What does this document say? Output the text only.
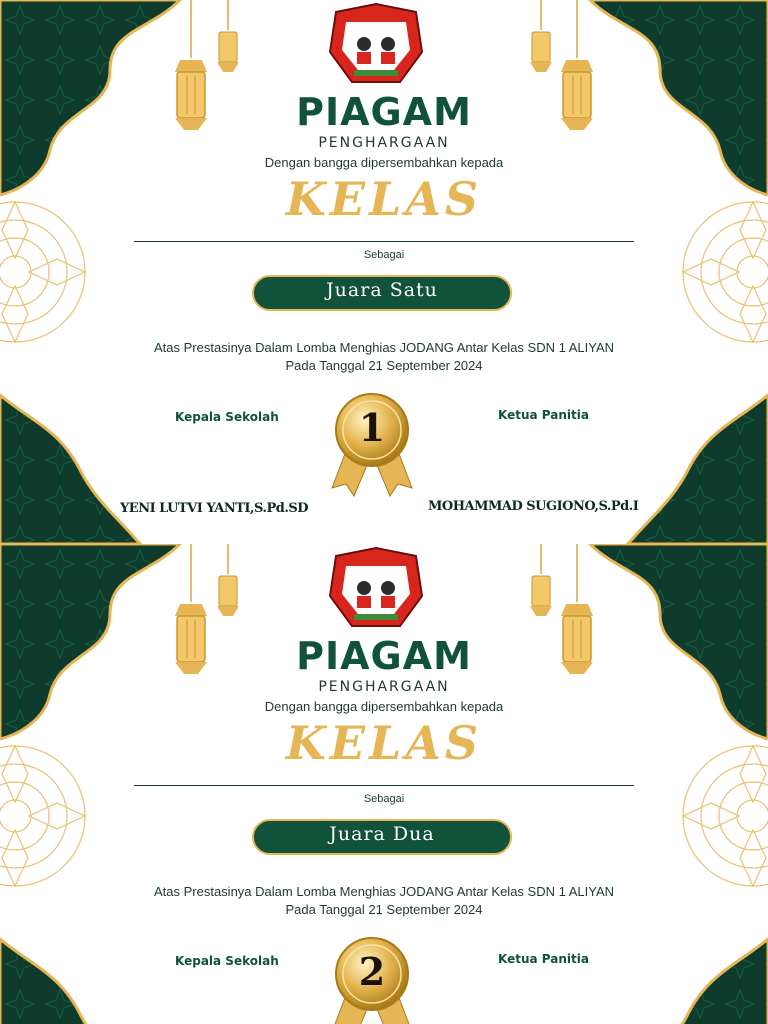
PIAGAM

PENGHARGAAN

Dengan bangga dipersembahkan kepada

KELAS

Sebagai

Juara Satu

Atas Prestasinya Dalam Lomba Menghias JODANG Antar Kelas SDN 1 ALIYAN

Pada Tanggal 21 September 2024

Kepala Sekolah	Ketua Panitia

1

YENI LUTVI YANTI,S.Pd.SD	MOHAMMAD SUGIONO,S.Pd.I

PIAGAM

PENGHARGAAN

Dengan bangga dipersembahkan kepada

KELAS

Sebagai

Juara Dua

Atas Prestasinya Dalam Lomba Menghias JODANG Antar Kelas SDN 1 ALIYAN

Pada Tanggal 21 September 2024

Kepala Sekolah	Ketua Panitia

2
